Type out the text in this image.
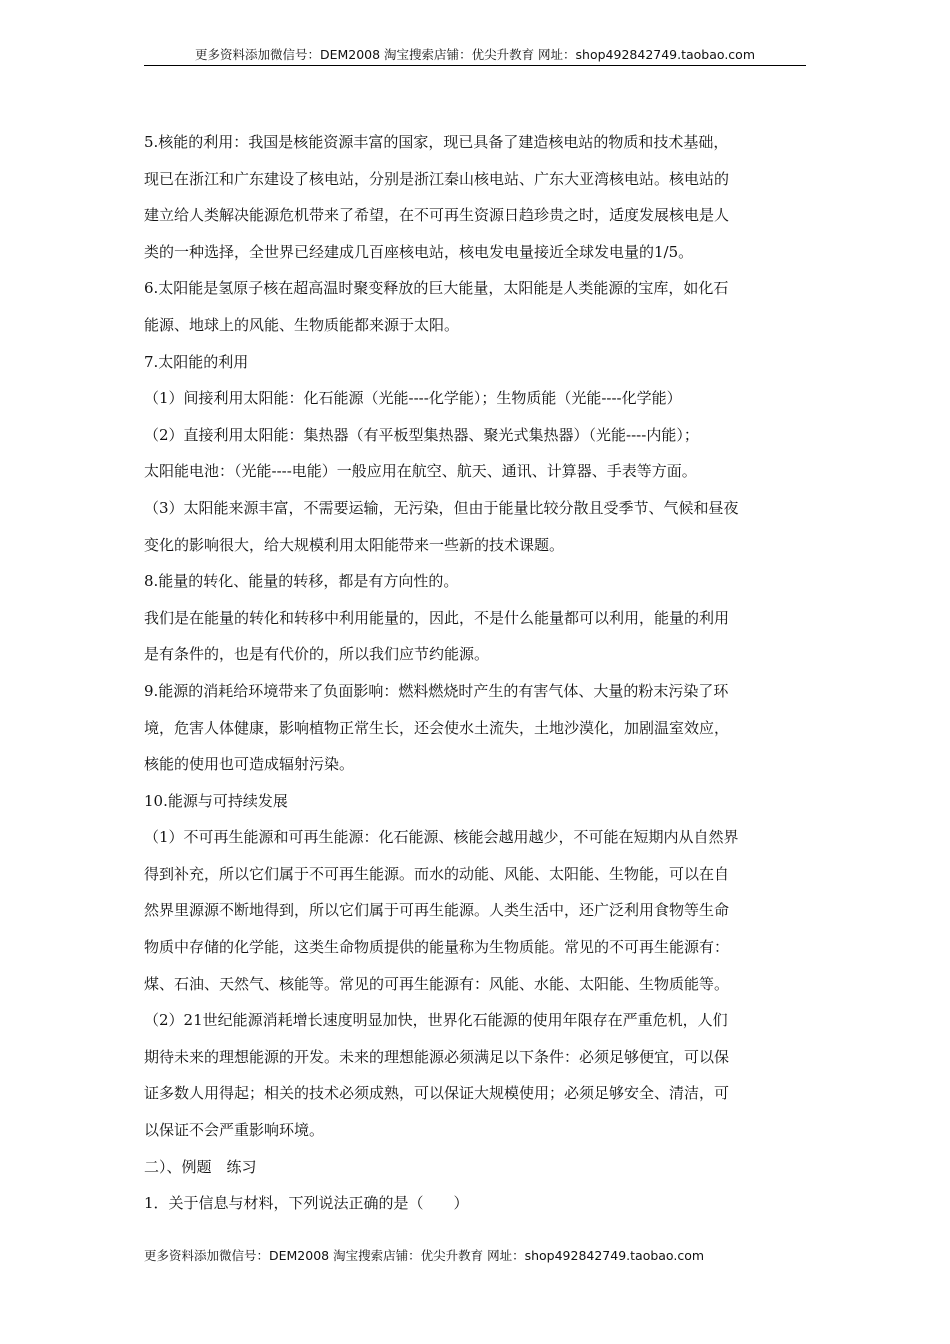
更多资料添加微信号：DEM2008 淘宝搜索店铺：优尖升教育 网址：shop492842749.taobao.com
5.核能的利用：我国是核能资源丰富的国家，现已具备了建造核电站的物质和技术基础，
现已在浙江和广东建设了核电站，分别是浙江秦山核电站、广东大亚湾核电站。核电站的
建立给人类解决能源危机带来了希望，在不可再生资源日趋珍贵之时，适度发展核电是人
类的一种选择，全世界已经建成几百座核电站，核电发电量接近全球发电量的1/5。
6.太阳能是氢原子核在超高温时聚变释放的巨大能量，太阳能是人类能源的宝库，如化石
能源、地球上的风能、生物质能都来源于太阳。
7.太阳能的利用
（1）间接利用太阳能：化石能源（光能----化学能）；生物质能（光能----化学能）
（2）直接利用太阳能：集热器（有平板型集热器、聚光式集热器）（光能----内能）；
太阳能电池：（光能----电能）一般应用在航空、航天、通讯、计算器、手表等方面。
（3）太阳能来源丰富，不需要运输，无污染，但由于能量比较分散且受季节、气候和昼夜
变化的影响很大，给大规模利用太阳能带来一些新的技术课题。
8.能量的转化、能量的转移，都是有方向性的。
我们是在能量的转化和转移中利用能量的，因此，不是什么能量都可以利用，能量的利用
是有条件的，也是有代价的，所以我们应节约能源。
9.能源的消耗给环境带来了负面影响：燃料燃烧时产生的有害气体、大量的粉末污染了环
境，危害人体健康，影响植物正常生长，还会使水土流失，土地沙漠化，加剧温室效应，
核能的使用也可造成辐射污染。
10.能源与可持续发展
（1）不可再生能源和可再生能源：化石能源、核能会越用越少，不可能在短期内从自然界
得到补充，所以它们属于不可再生能源。而水的动能、风能、太阳能、生物能，可以在自
然界里源源不断地得到，所以它们属于可再生能源。人类生活中，还广泛利用食物等生命
物质中存储的化学能，这类生命物质提供的能量称为生物质能。常见的不可再生能源有：
煤、石油、天然气、核能等。常见的可再生能源有：风能、水能、太阳能、生物质能等。
（2）21世纪能源消耗增长速度明显加快，世界化石能源的使用年限存在严重危机，人们
期待未来的理想能源的开发。未来的理想能源必须满足以下条件：必须足够便宜，可以保
证多数人用得起；相关的技术必须成熟，可以保证大规模使用；必须足够安全、清洁，可
以保证不会严重影响环境。
二）、例题　练习
1．关于信息与材料，下列说法正确的是（　　）
更多资料添加微信号：DEM2008 淘宝搜索店铺：优尖升教育 网址：shop492842749.taobao.com
